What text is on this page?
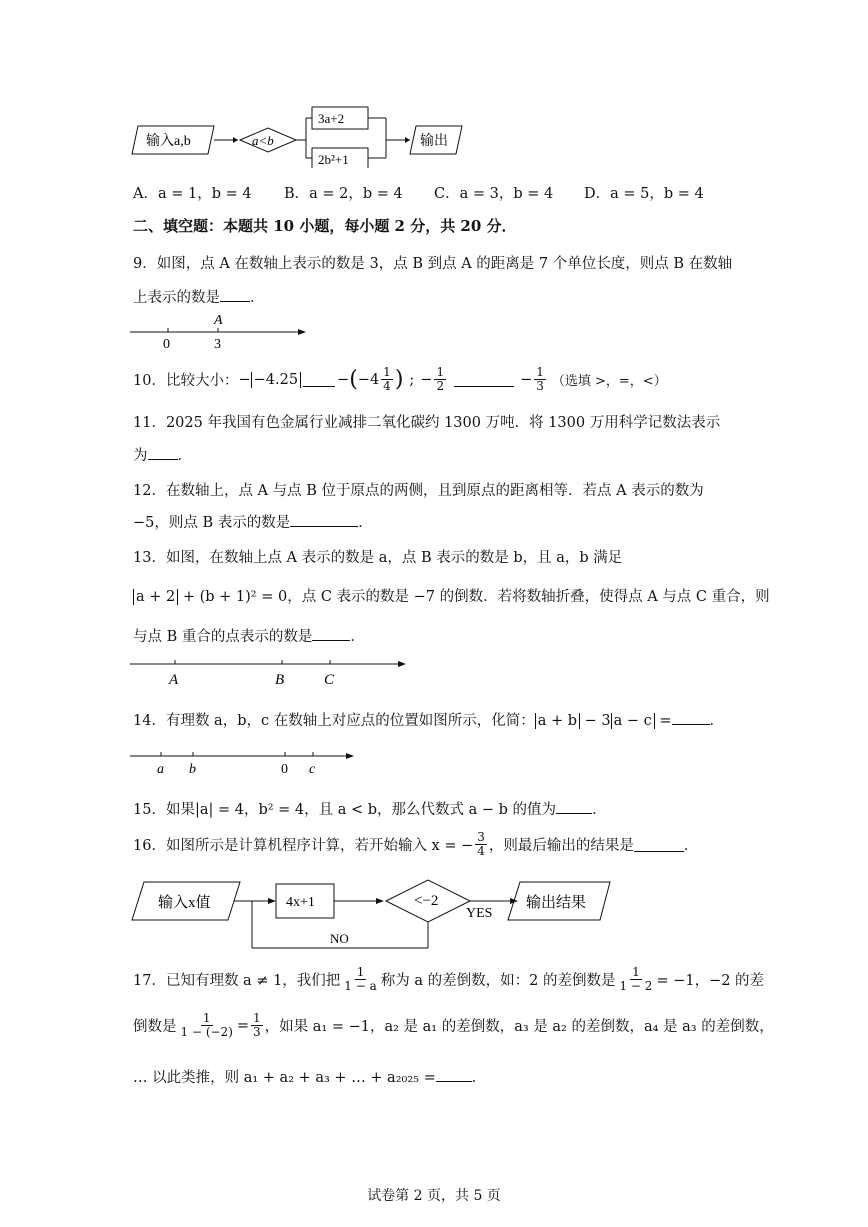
输入a,b	a<b
3a+2
2b²+1
输出
A．a = 1，b = 4 B．a = 2，b = 4 C．a = 3，b = 4 D．a = 5，b = 4
二、填空题：本题共 10 小题，每小题 2 分，共 20 分．
9．如图，点 A 在数轴上表示的数是 3，点 B 到点 A 的距离是 7 个单位长度，则点 B 在数轴
上表示的数是 ．
A
0	3
10．比较大小： − −4.25	− ( $-4 \frac{1}{4}$ ) ; − $\frac{1}{2}$	− $\frac{1}{3}$ （选填 >，=，<）
11．2025 年我国有色金属行业减排二氧化碳约 1300 万吨．将 1300 万用科学记数法表示
为 ．
12．在数轴上，点 A 与点 B 位于原点的两侧，且到原点的距离相等．若点 A 表示的数为
−5，则点 B 表示的数是	．
13．如图，在数轴上点 A 表示的数是 a，点 B 表示的数是 b，且 a，b 满足
a + 2 + (b + 1)² = 0，点 C 表示的数是 −7 的倒数．若将数轴折叠，使得点 A 与点 C 重合，则
与点 B 重合的点表示的数是	．
A	B	C
14．有理数 a，b，c 在数轴上对应点的位置如图所示，化简： a + b − 3 a − c =	．
a b	0 c
15．如果|a| = 4，b² = 4，且 a < b，那么代数式 a − b 的值为 ．
16．如图所示是计算机程序计算，若开始输入 x = − $\frac{3}{4}$ ，则最后输出的结果是	．
输入x值	4x+1	<−2
YES
输出结果
NO
17．已知有理数 a ≠ 1，我们把 $\frac{1}{1 - a}$ 称为 a 的差倒数，如：2 的差倒数是 $\frac{1}{1 - 2} = -1$，−2 的差
倒数是 $\frac{1}{1 - (-2)} = \frac{1}{3}$ ，如果 a₁ = −1，a₂ 是 a₁ 的差倒数，a₃ 是 a₂ 的差倒数，a₄ 是 a₃ 的差倒数，
… 以此类推，则 a₁ + a₂ + a₃ + … + a₂₀₂₅ = ．
试卷第 2 页，共 5 页
